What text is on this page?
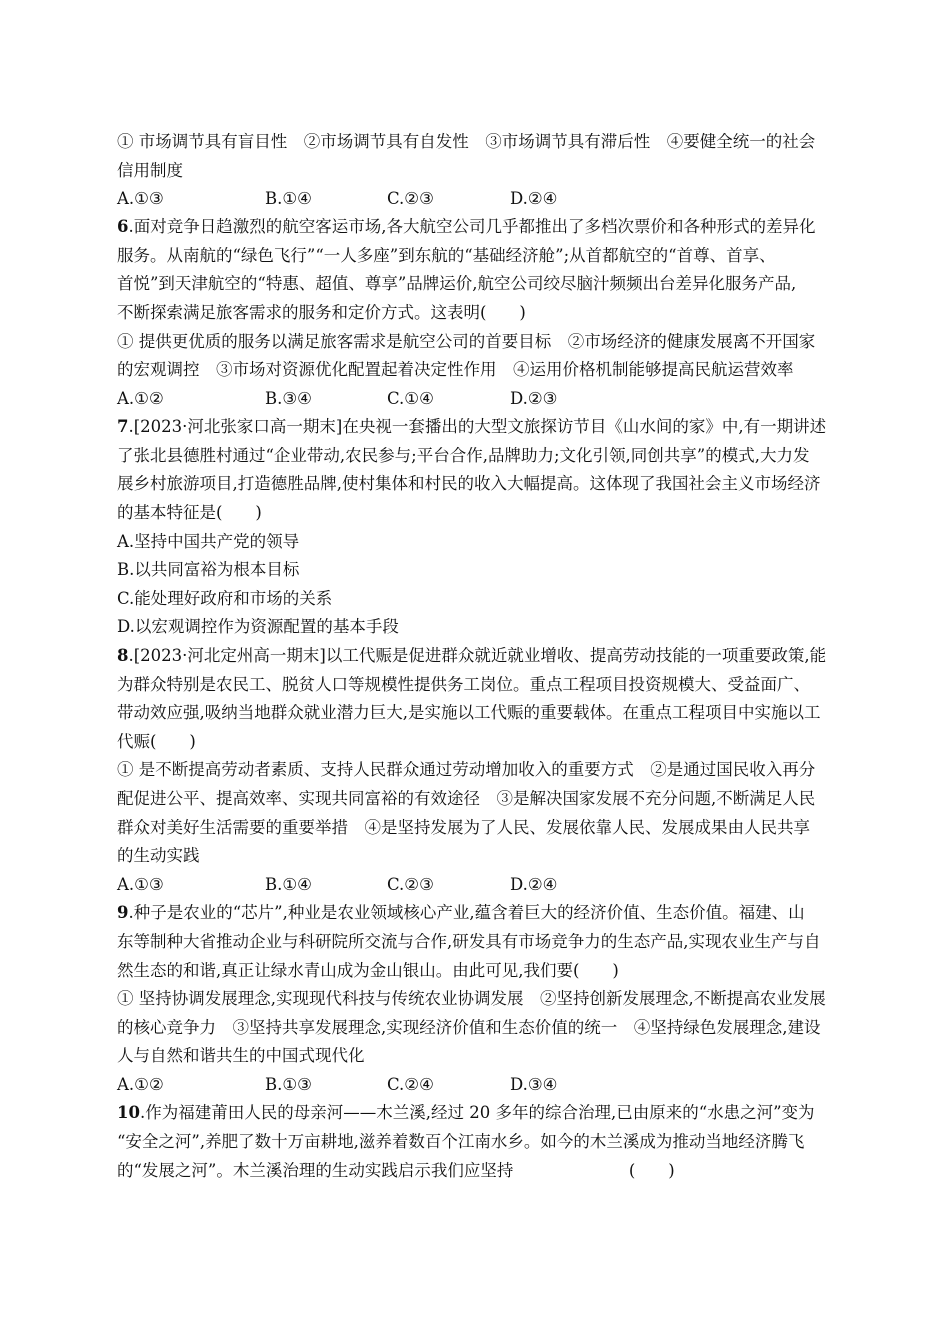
① 市场调节具有盲目性　②市场调节具有自发性　③市场调节具有滞后性　④要健全统一的社会
信用制度
A.①③	B.①④	C.②③	D.②④
6.面对竞争日趋激烈的航空客运市场,各大航空公司几乎都推出了多档次票价和各种形式的差异化
服务。从南航的“绿色飞行”“一人多座”到东航的“基础经济舱”;从首都航空的“首尊、首享、
首悦”到天津航空的“特惠、超值、尊享”品牌运价,航空公司绞尽脑汁频频出台差异化服务产品,
不断探索满足旅客需求的服务和定价方式。这表明(　　)
① 提供更优质的服务以满足旅客需求是航空公司的首要目标　②市场经济的健康发展离不开国家
的宏观调控　③市场对资源优化配置起着决定性作用　④运用价格机制能够提高民航运营效率
A.①②	B.③④	C.①④	D.②③
7.[2023·河北张家口高一期末]在央视一套播出的大型文旅探访节目《山水间的家》中,有一期讲述
了张北县德胜村通过“企业带动,农民参与;平台合作,品牌助力;文化引领,同创共享”的模式,大力发
展乡村旅游项目,打造德胜品牌,使村集体和村民的收入大幅提高。这体现了我国社会主义市场经济
的基本特征是(　　)
A.坚持中国共产党的领导
B.以共同富裕为根本目标
C.能处理好政府和市场的关系
D.以宏观调控作为资源配置的基本手段
8.[2023·河北定州高一期末]以工代赈是促进群众就近就业增收、提高劳动技能的一项重要政策,能
为群众特别是农民工、脱贫人口等规模性提供务工岗位。重点工程项目投资规模大、受益面广、
带动效应强,吸纳当地群众就业潜力巨大,是实施以工代赈的重要载体。在重点工程项目中实施以工
代赈(　　)
① 是不断提高劳动者素质、支持人民群众通过劳动增加收入的重要方式　②是通过国民收入再分
配促进公平、提高效率、实现共同富裕的有效途径　③是解决国家发展不充分问题,不断满足人民
群众对美好生活需要的重要举措　④是坚持发展为了人民、发展依靠人民、发展成果由人民共享
的生动实践
A.①③	B.①④	C.②③	D.②④
9.种子是农业的“芯片”,种业是农业领域核心产业,蕴含着巨大的经济价值、生态价值。福建、山
东等制种大省推动企业与科研院所交流与合作,研发具有市场竞争力的生态产品,实现农业生产与自
然生态的和谐,真正让绿水青山成为金山银山。由此可见,我们要(　　)
① 坚持协调发展理念,实现现代科技与传统农业协调发展　②坚持创新发展理念,不断提高农业发展
的核心竞争力　③坚持共享发展理念,实现经济价值和生态价值的统一　④坚持绿色发展理念,建设
人与自然和谐共生的中国式现代化
A.①②	B.①③	C.②④	D.③④
10.作为福建莆田人民的母亲河——木兰溪,经过 20 多年的综合治理,已由原来的“水患之河”变为
“安全之河”,养肥了数十万亩耕地,滋养着数百个江南水乡。如今的木兰溪成为推动当地经济腾飞
的“发展之河”。木兰溪治理的生动实践启示我们应坚持　　　　　　　(　　)
